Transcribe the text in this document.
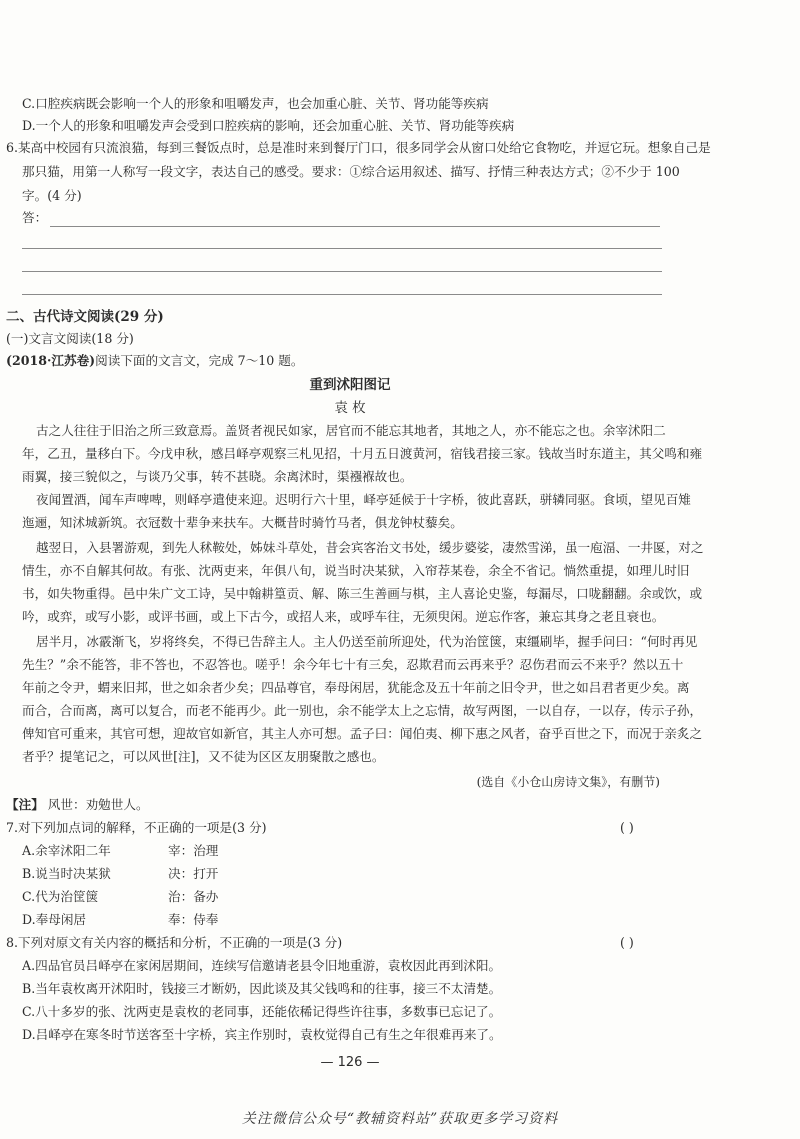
C.口腔疾病既会影响一个人的形象和咀嚼发声，也会加重心脏、关节、肾功能等疾病
D.一个人的形象和咀嚼发声会受到口腔疾病的影响，还会加重心脏、关节、肾功能等疾病
6.某高中校园有只流浪猫，每到三餐饭点时，总是准时来到餐厅门口，很多同学会从窗口处给它食物吃，并逗它玩。想象自己是
那只猫，用第一人称写一段文字，表达自己的感受。要求：①综合运用叙述、描写、抒情三种表达方式；②不少于 100
字。(4 分)
答：
二、古代诗文阅读(29 分)
(一)文言文阅读(18 分)
(2018·江苏卷)阅读下面的文言文，完成 7～10 题。
重到沭阳图记
袁 枚
古之人往往于旧治之所三致意焉。盖贤者视民如家，居官而不能忘其地者，其地之人，亦不能忘之也。余宰沭阳二
年，乙丑，量移白下。今戊申秋，感吕峄亭观察三札见招，十月五日渡黄河，宿钱君接三家。钱故当时东道主，其父鸣和雍
雨翼，接三貌似之，与谈乃父事，转不甚晓。余离沭时，渠襁褓故也。
夜闻置酒，闻车声啤啤，则峄亭遣使来迎。迟明行六十里，峄亭延候于十字桥，彼此喜跃，骈辚同驱。食顷，望见百雉
迤逦，知沭城新筑。衣冠数十辈争来扶车。大概昔时骑竹马者，俱龙钟杖藜矣。
越翌日，入县署游观，到先人秫鞍处，姊妹斗草处，昔会宾客治文书处，缓步婆娑，凄然雪涕，虽一庖湢、一井匽，对之
情生，亦不自解其何故。有张、沈两吏来，年俱八旬，说当时决某狱，入帘荐某卷，余全不省记。惝然重提，如理儿时旧
书，如失物重得。邑中朱广文工诗，吴中翰耕篁贡、解、陈三生善画与棋，主人喜论史鉴，每漏尽，口咙翻翻。余或饮，或
吟，或弈，或写小影，或评书画，或上下古今，或招人来，或呼车往，无须臾闲。逆忘作客，兼忘其身之老且衰也。
居半月，冰霰渐飞，岁将终矣，不得已告辞主人。主人仍送至前所迎处，代为治筐箧，束缰刷毕，握手问曰：“何时再见
先生？”余不能答，非不答也，不忍答也。嗟乎！余今年七十有三矣，忍欺君而云再来乎？忍伤君而云不来乎？然以五十
年前之令尹，蝟来旧邦，世之如余者少矣；四品尊官，奉母闲居，犹能念及五十年前之旧令尹，世之如吕君者更少矣。离
而合，合而离，离可以复合，而老不能再少。此一别也，余不能学太上之忘情，故写两图，一以自存，一以存，传示子孙，
俾知官可重来，其官可想，迎故官如新官，其主人亦可想。孟子曰：闻伯夷、柳下惠之风者，奋乎百世之下，而况于亲炙之
者乎？提笔记之，可以风世[注]，又不徒为区区友朋聚散之感也。
(选自《小仓山房诗文集》，有删节)
【注】 风世：劝勉世人。
7.对下列加点词的解释，不正确的一项是(3 分)	( )
A.余宰沭阳二年	宰：治理
B.说当时决某狱	决：打开
C.代为治筐箧	治：备办
D.奉母闲居	奉：侍奉
8.下列对原文有关内容的概括和分析，不正确的一项是(3 分)	( )
A.四品官员吕峄亭在家闲居期间，连续写信邀请老县令旧地重游，袁枚因此再到沭阳。
B.当年袁枚离开沭阳时，钱接三才断奶，因此谈及其父钱鸣和的往事，接三不太清楚。
C.八十多岁的张、沈两吏是袁枚的老同事，还能依稀记得些许往事，多数事已忘记了。
D.吕峄亭在寒冬时节送客至十字桥，宾主作别时，袁枚觉得自己有生之年很难再来了。
— 126 —
关注微信公众号“教辅资料站”获取更多学习资料
